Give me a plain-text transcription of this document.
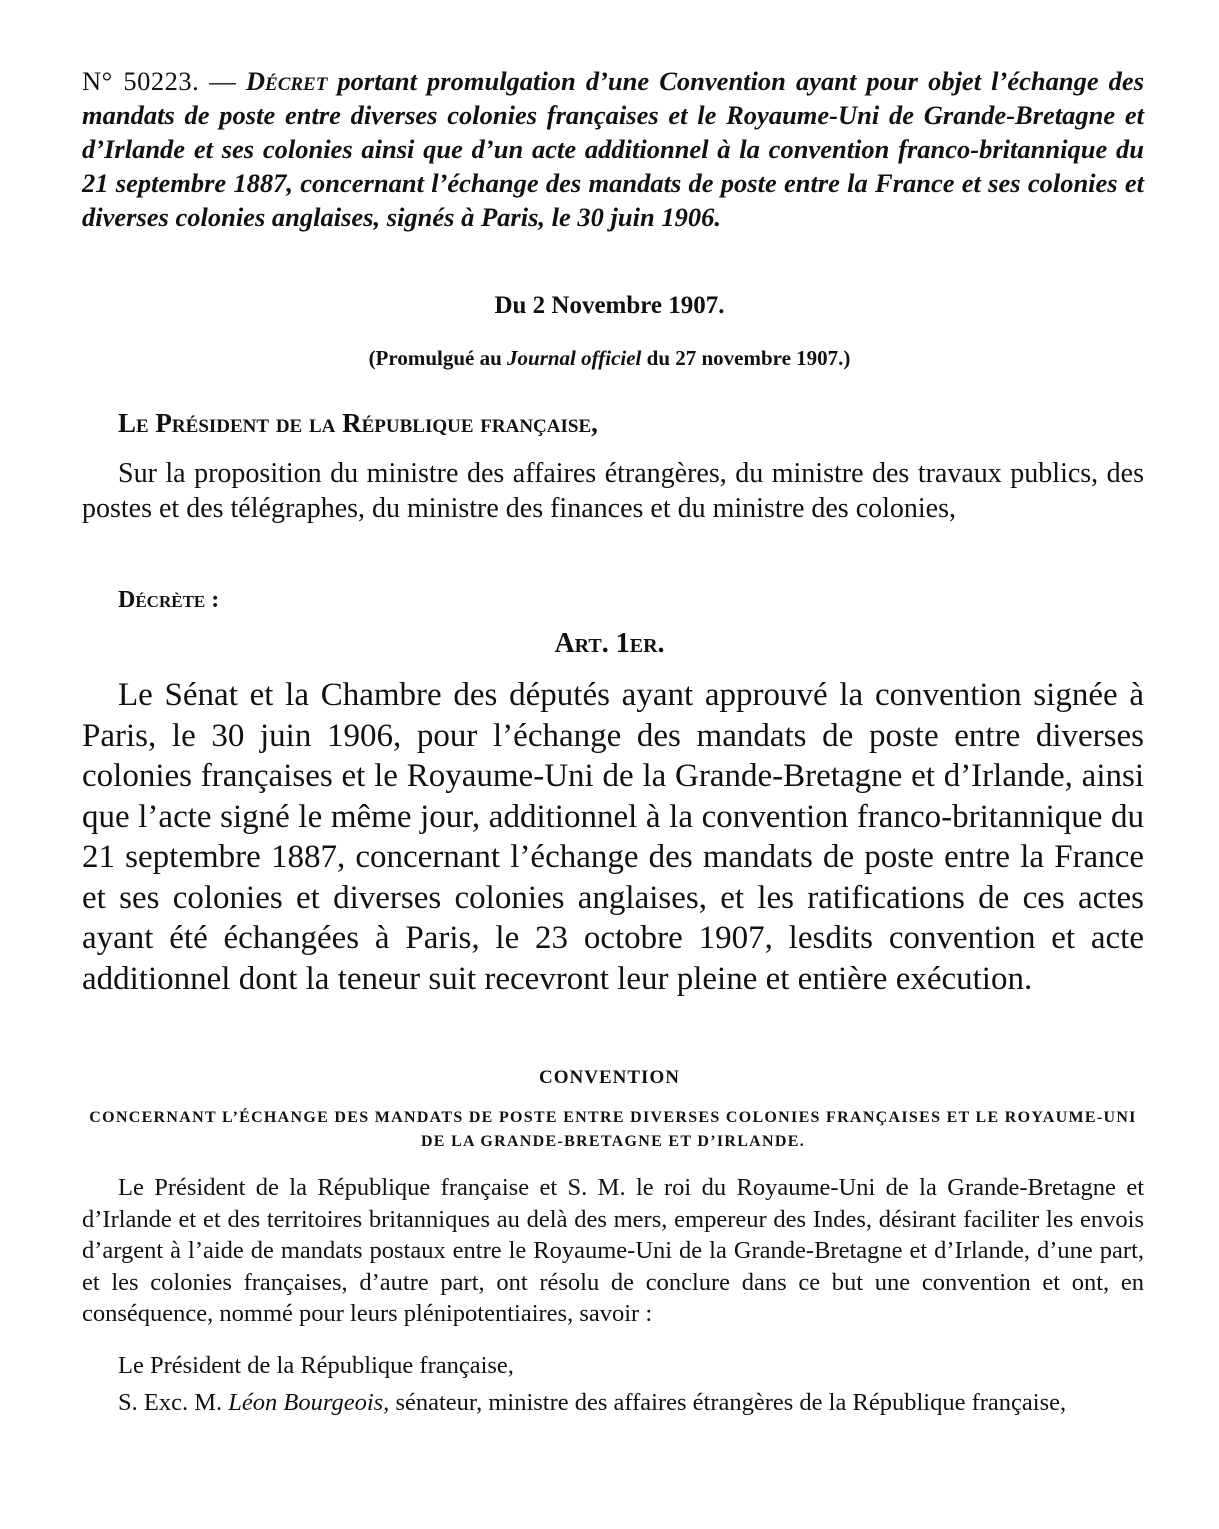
N° 50223. — Décret portant promulgation d’une Convention ayant pour objet l’échange des mandats de poste entre diverses colonies françaises et le Royaume-Uni de Grande-Bretagne et d’Irlande et ses colonies ainsi que d’un acte additionnel à la convention franco-britannique du 21 septembre 1887, concernant l’échange des mandats de poste entre la France et ses colonies et diverses colonies anglaises, signés à Paris, le 30 juin 1906.

Du 2 Novembre 1907.

(Promulgué au Journal officiel du 27 novembre 1907.)

Le Président de la République française,

Sur la proposition du ministre des affaires étrangères, du ministre des travaux publics, des postes et des télégraphes, du ministre des finances et du ministre des colonies,

Décrète :

Art. 1er.

Le Sénat et la Chambre des députés ayant approuvé la convention signée à Paris, le 30 juin 1906, pour l’échange des mandats de poste entre diverses colonies françaises et le Royaume-Uni de la Grande-Bretagne et d’Irlande, ainsi que l’acte signé le même jour, additionnel à la convention franco-britannique du 21 septembre 1887, concernant l’échange des mandats de poste entre la France et ses colonies et diverses colonies anglaises, et les ratifications de ces actes ayant été échangées à Paris, le 23 octobre 1907, lesdits convention et acte additionnel dont la teneur suit recevront leur pleine et entière exécution.

CONVENTION

CONCERNANT L’ÉCHANGE DES MANDATS DE POSTE ENTRE DIVERSES COLONIES FRANÇAISES ET LE ROYAUME-UNI DE LA GRANDE-BRETAGNE ET D’IRLANDE.

Le Président de la République française et S. M. le roi du Royaume-Uni de la Grande-Bretagne et d’Irlande et et des territoires britanniques au delà des mers, empereur des Indes, désirant faciliter les envois d’argent à l’aide de mandats postaux entre le Royaume-Uni de la Grande-Bretagne et d’Irlande, d’une part, et les colonies françaises, d’autre part, ont résolu de conclure dans ce but une convention et ont, en conséquence, nommé pour leurs plénipotentiaires, savoir :

Le Président de la République française,

S. Exc. M. Léon Bourgeois, sénateur, ministre des affaires étrangères de la République française,
